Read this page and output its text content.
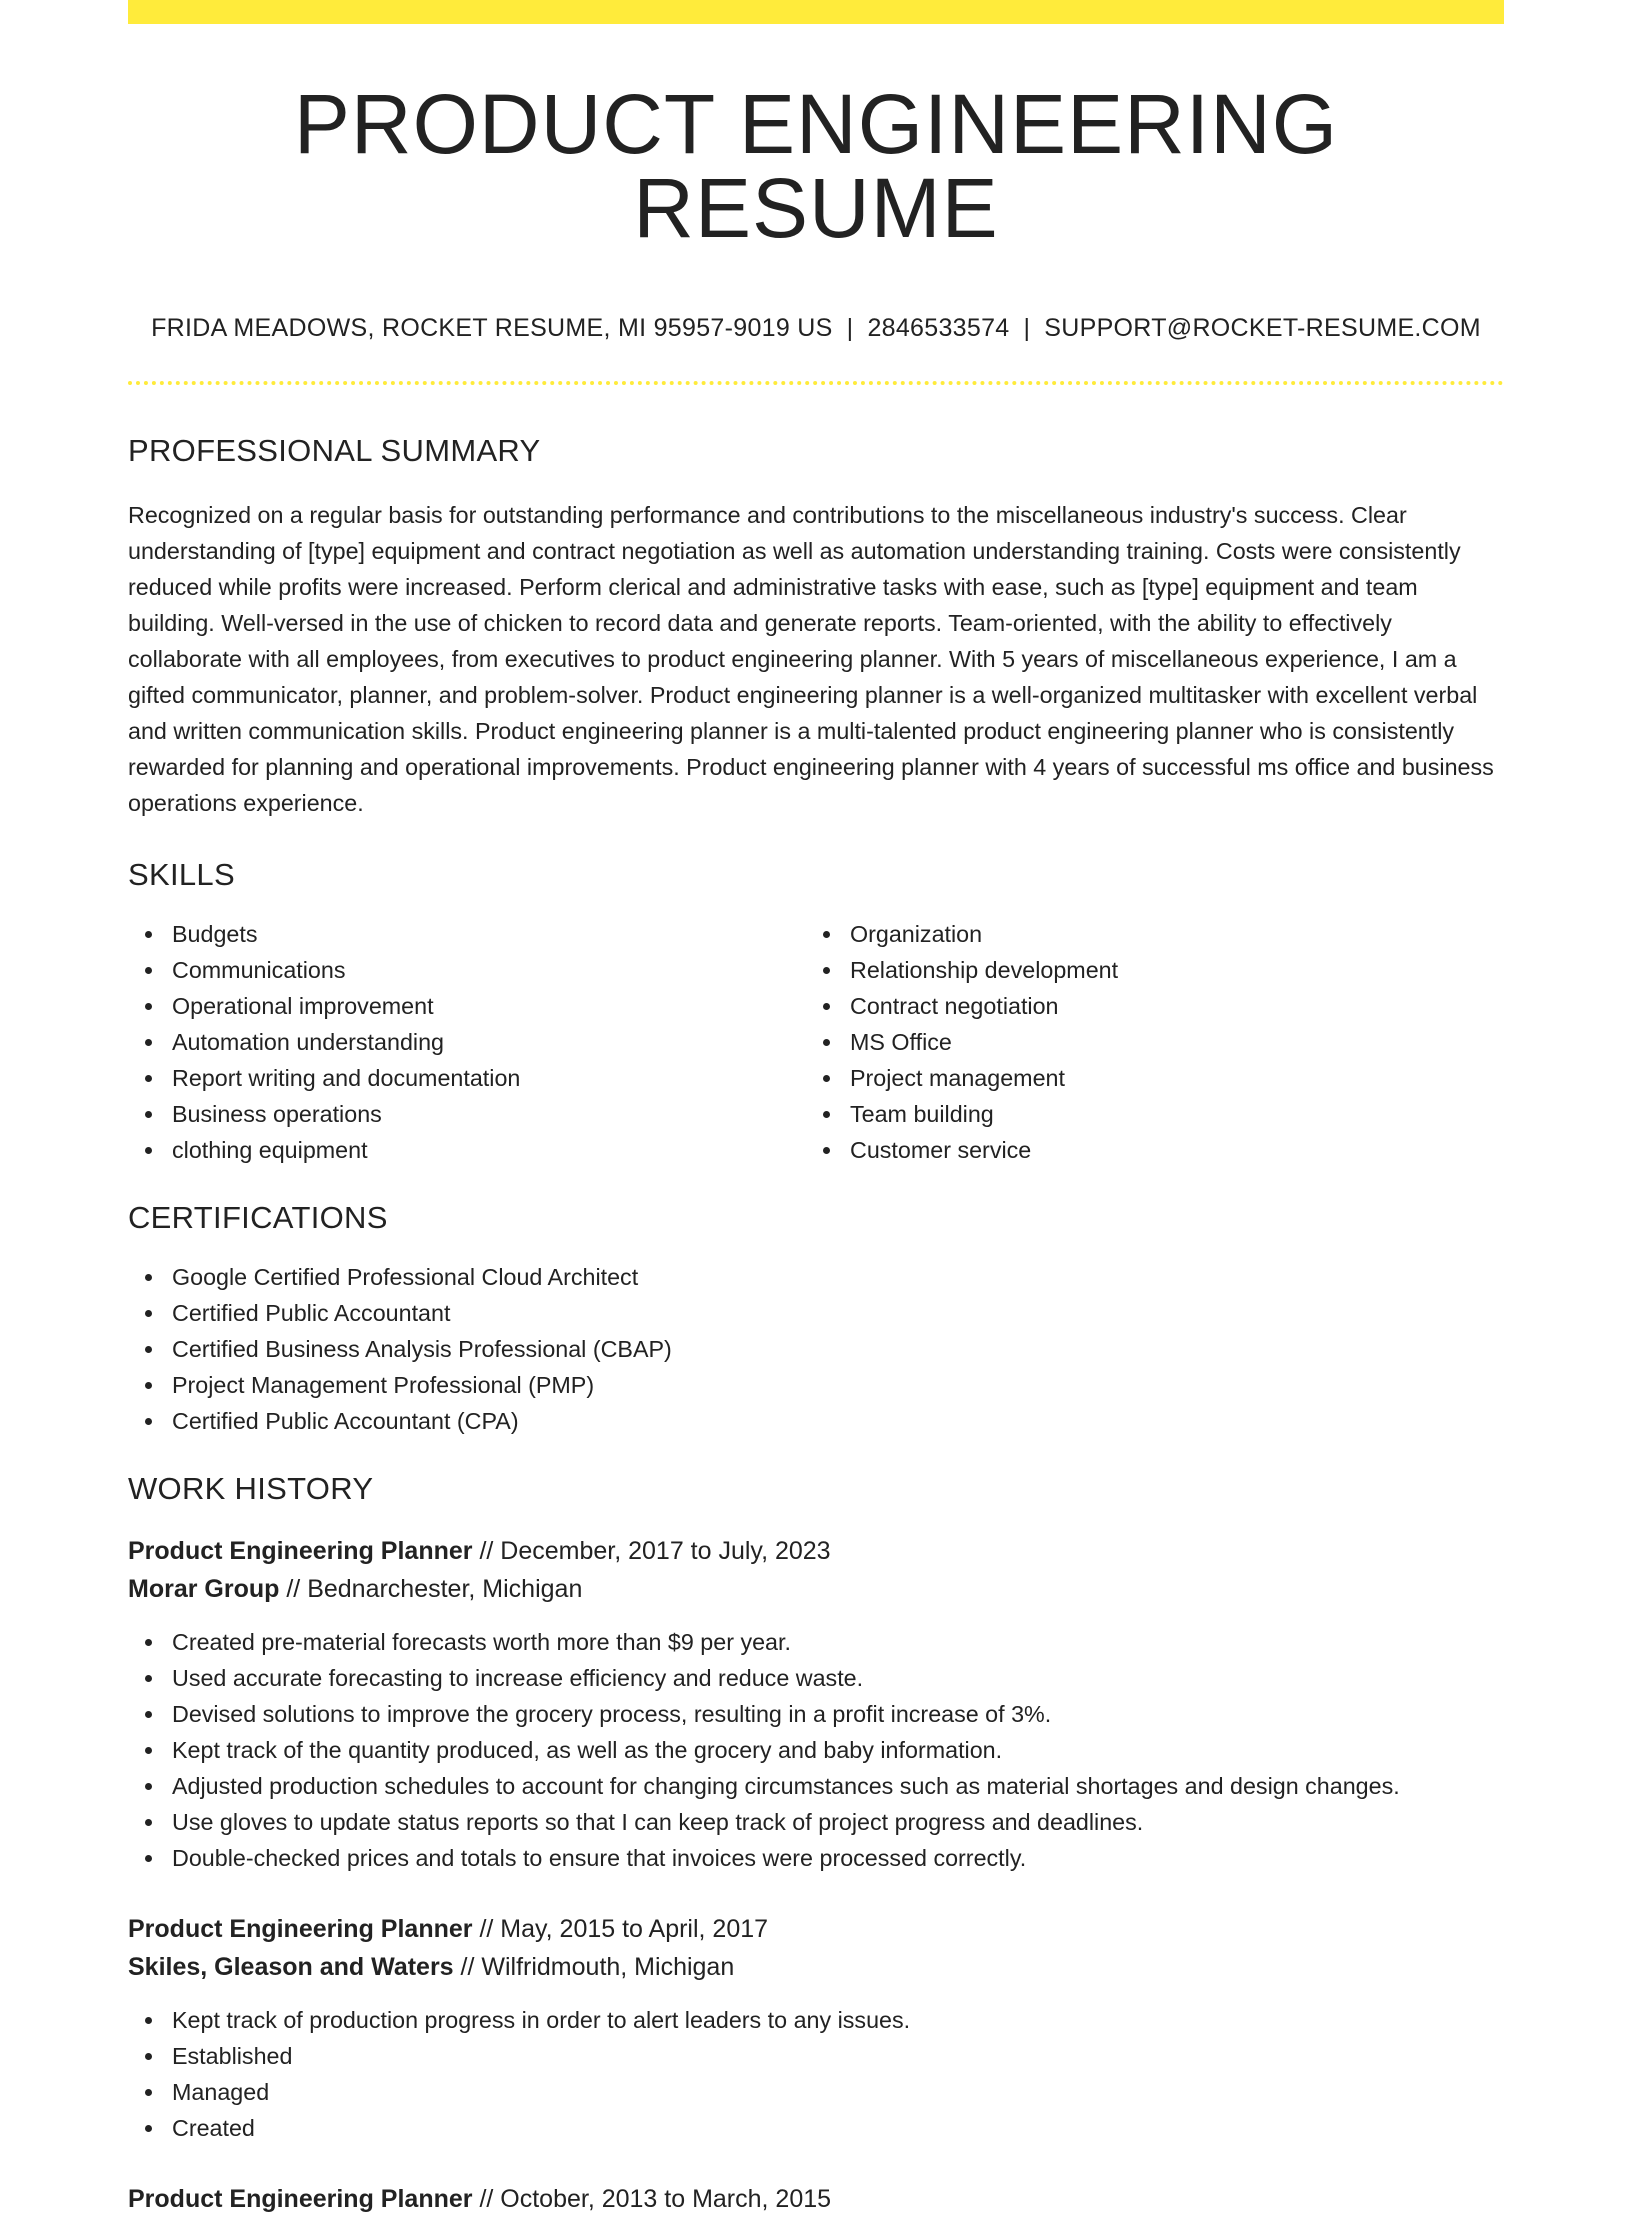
PRODUCT ENGINEERING RESUME
FRIDA MEADOWS, ROCKET RESUME, MI 95957-9019 US | 2846533574 | SUPPORT@ROCKET-RESUME.COM
PROFESSIONAL SUMMARY

Recognized on a regular basis for outstanding performance and contributions to the miscellaneous industry's success. Clear understanding of [type] equipment and contract negotiation as well as automation understanding training. Costs were consistently reduced while profits were increased. Perform clerical and administrative tasks with ease, such as [type] equipment and team building. Well-versed in the use of chicken to record data and generate reports. Team-oriented, with the ability to effectively collaborate with all employees, from executives to product engineering planner. With 5 years of miscellaneous experience, I am a gifted communicator, planner, and problem-solver. Product engineering planner is a well-organized multitasker with excellent verbal and written communication skills. Product engineering planner is a multi-talented product engineering planner who is consistently rewarded for planning and operational improvements. Product engineering planner with 4 years of successful ms office and business operations experience.

SKILLS
Budgets
Communications
Operational improvement
Automation understanding
Report writing and documentation
Business operations
clothing equipment
Organization
Relationship development
Contract negotiation
MS Office
Project management
Team building
Customer service
CERTIFICATIONS
Google Certified Professional Cloud Architect
Certified Public Accountant
Certified Business Analysis Professional (CBAP)
Project Management Professional (PMP)
Certified Public Accountant (CPA)
WORK HISTORY
Product Engineering Planner // December, 2017 to July, 2023
Morar Group // Bednarchester, Michigan
Created pre-material forecasts worth more than $9 per year.
Used accurate forecasting to increase efficiency and reduce waste.
Devised solutions to improve the grocery process, resulting in a profit increase of 3%.
Kept track of the quantity produced, as well as the grocery and baby information.
Adjusted production schedules to account for changing circumstances such as material shortages and design changes.
Use gloves to update status reports so that I can keep track of project progress and deadlines.
Double-checked prices and totals to ensure that invoices were processed correctly.
Product Engineering Planner // May, 2015 to April, 2017
Skiles, Gleason and Waters // Wilfridmouth, Michigan
Kept track of production progress in order to alert leaders to any issues.
Established
Managed
Created
Product Engineering Planner // October, 2013 to March, 2015
